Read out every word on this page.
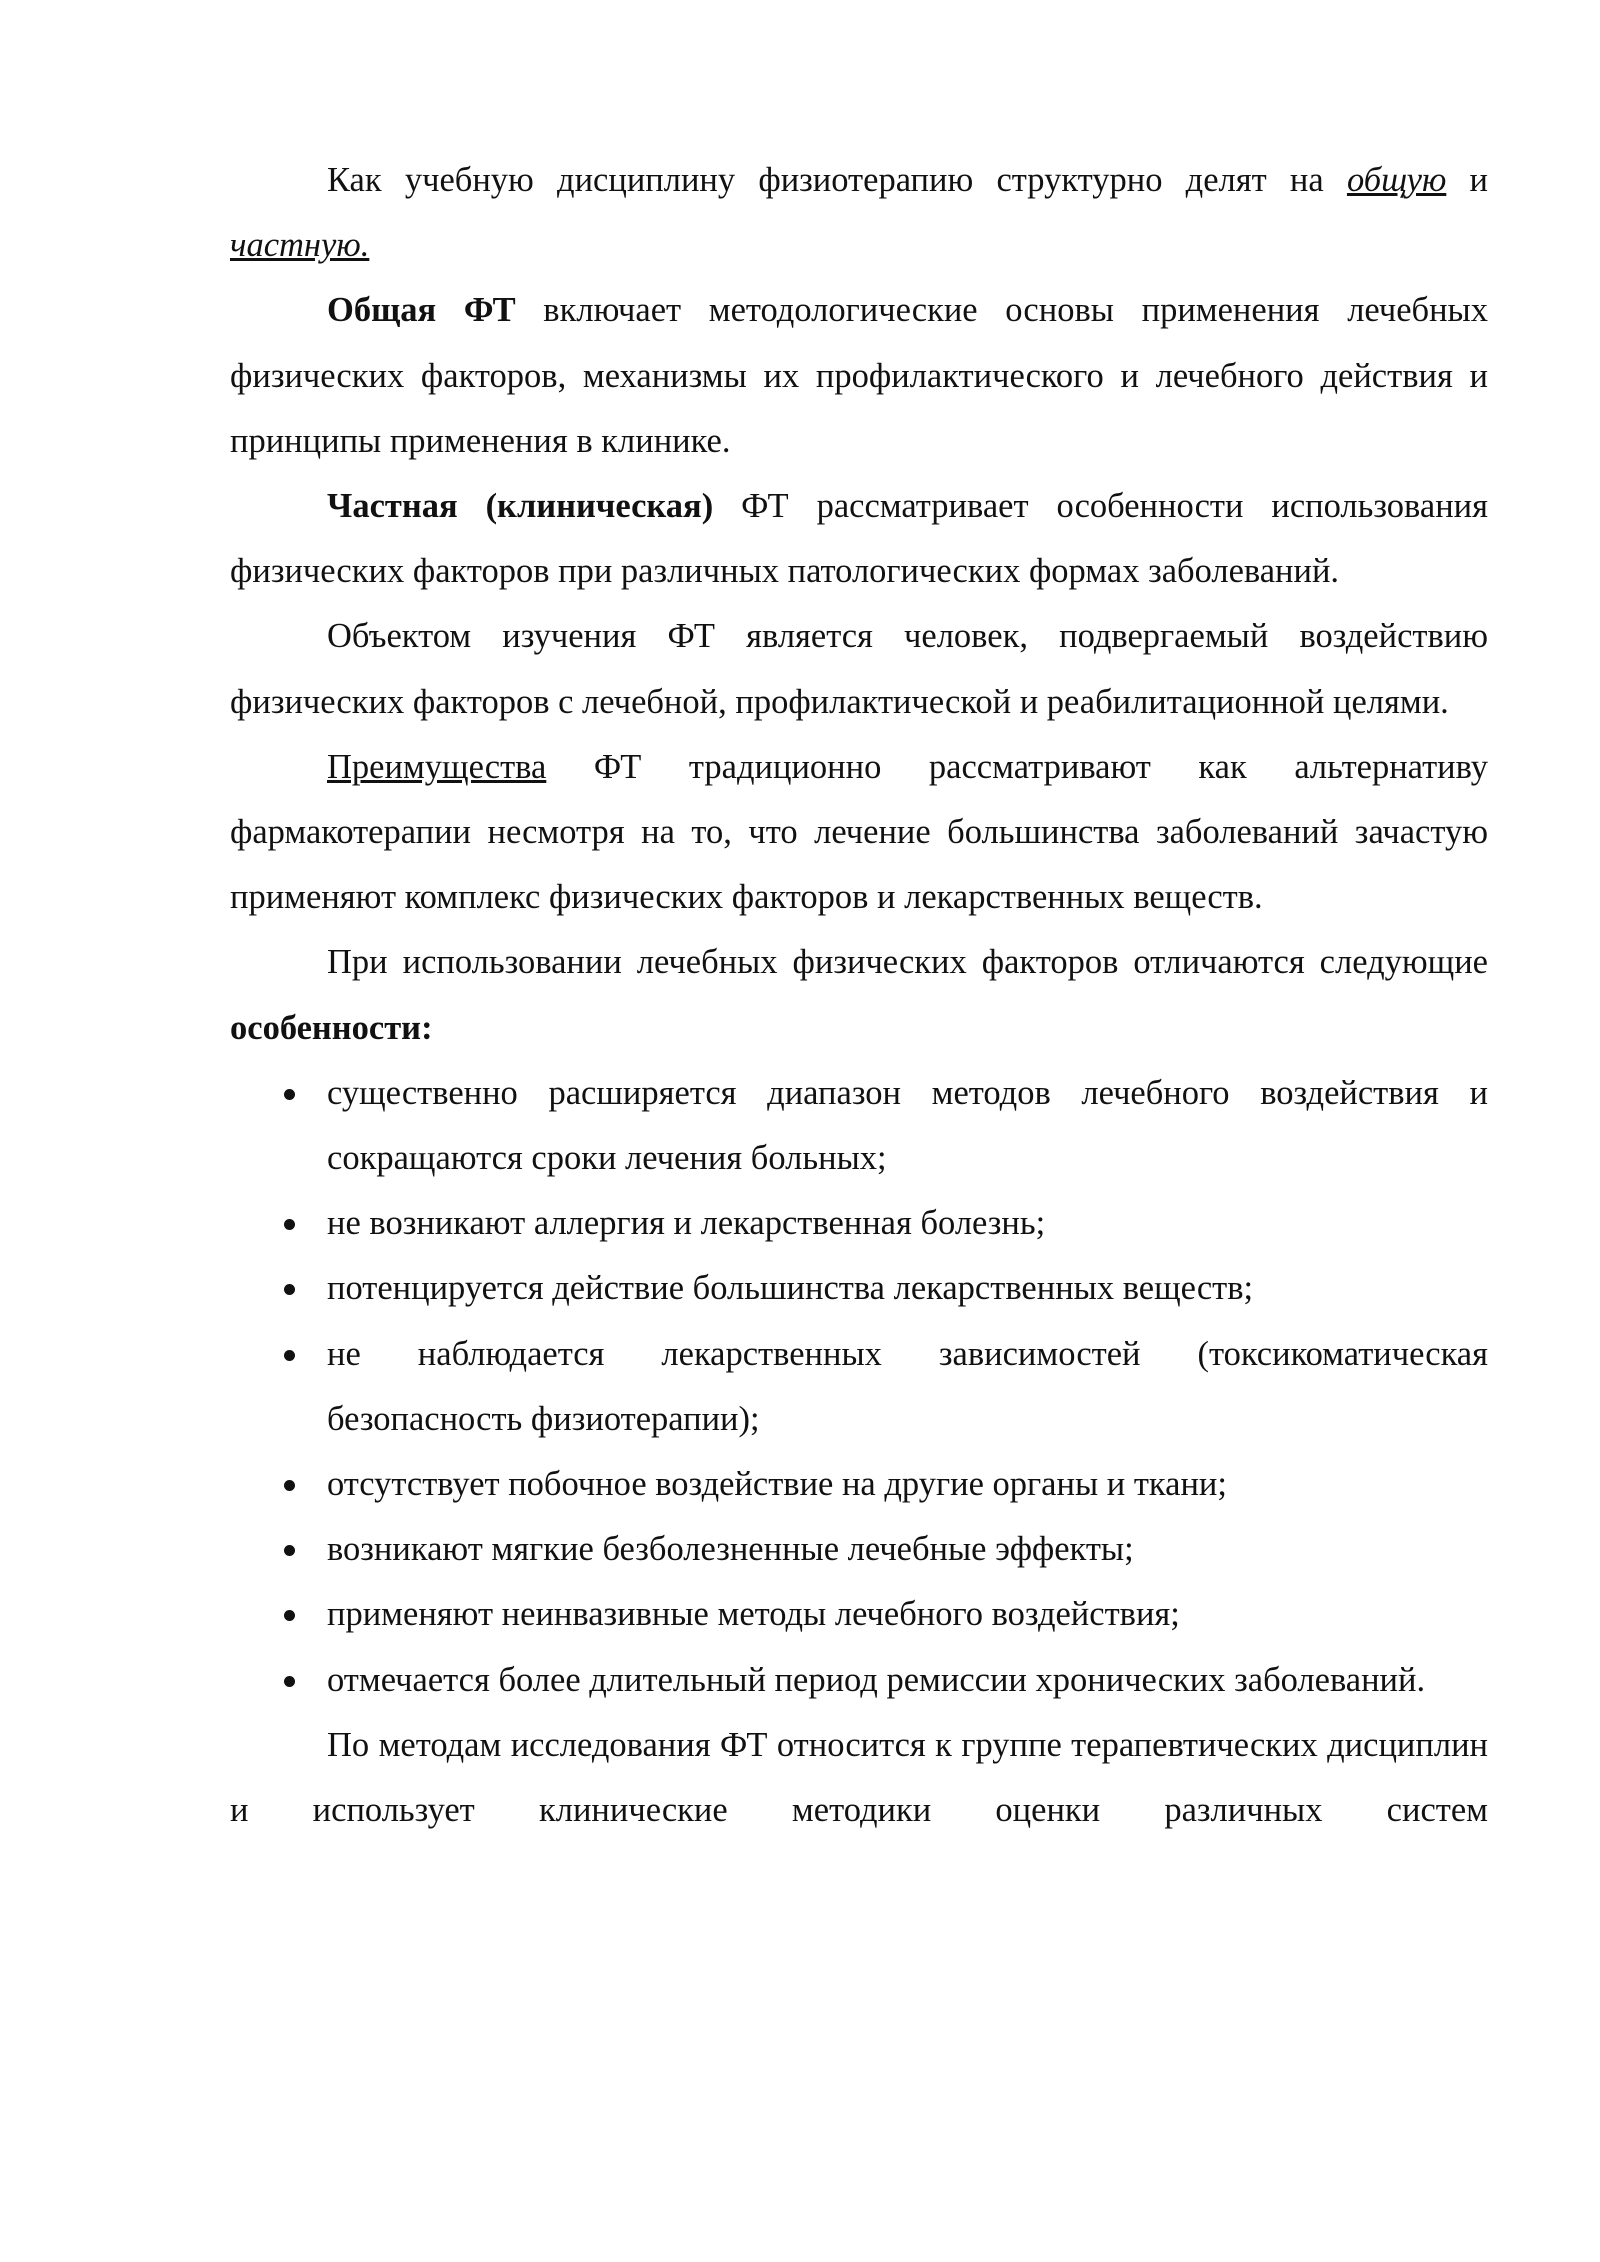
Как учебную дисциплину физиотерапию структурно делят на общую и частную.

Общая ФТ включает методологические основы применения лечебных физических факторов, механизмы их профилактического и лечебного действия и принципы применения в клинике.

Частная (клиническая) ФТ рассматривает особенности использования физических факторов при различных патологических формах заболеваний.

Объектом изучения ФТ является человек, подвергаемый воздействию физических факторов с лечебной, профилактической и реабилитационной целями.

Преимущества ФТ традиционно рассматривают как альтернативу фармакотерапии несмотря на то, что лечение большинства заболеваний зачастую применяют комплекс физических факторов и лекарственных веществ.

При использовании лечебных физических факторов отличаются следующие особенности:

существенно расширяется диапазон методов лечебного воздействия и сокращаются сроки лечения больных;
не возникают аллергия и лекарственная болезнь;
потенцируется действие большинства лекарственных веществ;
не наблюдается лекарственных зависимостей (токсикоматическая безопасность физиотерапии);
отсутствует побочное воздействие на другие органы и ткани;
возникают мягкие безболезненные лечебные эффекты;
применяют неинвазивные методы лечебного воздействия;
отмечается более длительный период ремиссии хронических заболеваний.

По методам исследования ФТ относится к группе терапевтических дисциплин и использует клинические методики оценки различных систем
